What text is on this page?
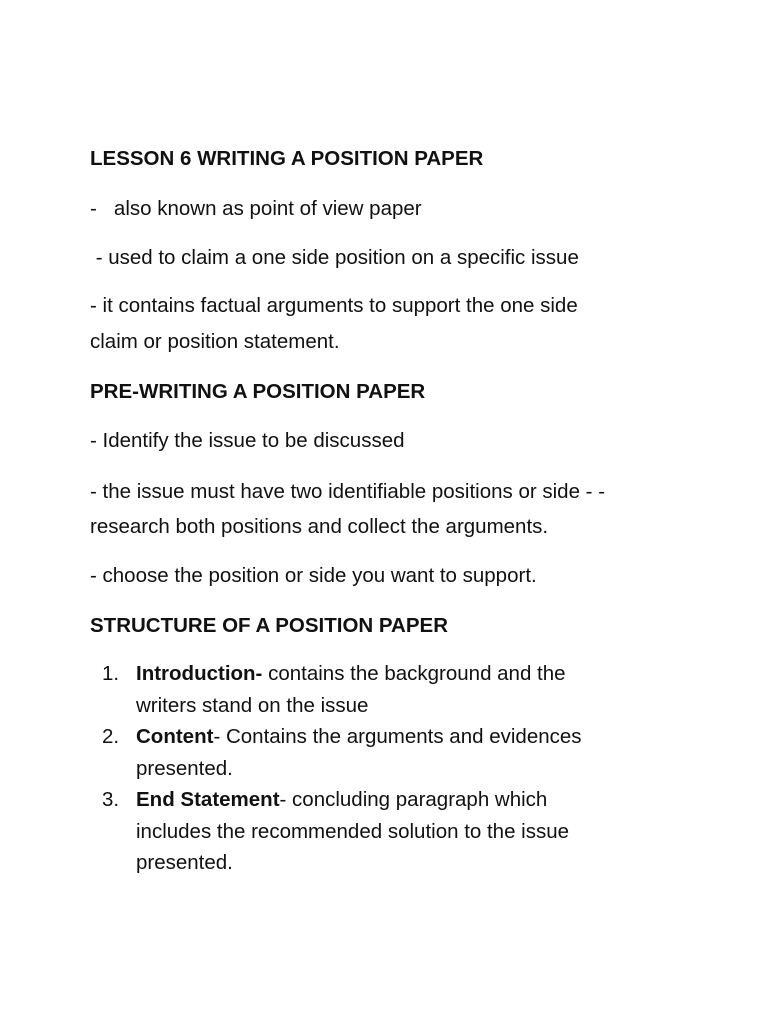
LESSON 6 WRITING A POSITION PAPER
-   also known as point of view paper
- used to claim a one side position on a specific issue
- it contains factual arguments to support the one side
claim or position statement.
PRE-WRITING A POSITION PAPER
- Identify the issue to be discussed
- the issue must have two identifiable positions or side - -
research both positions and collect the arguments.
- choose the position or side you want to support.
STRUCTURE OF A POSITION PAPER
1. Introduction- contains the background and the
writers stand on the issue
2. Content- Contains the arguments and evidences
presented.
3. End Statement- concluding paragraph which
includes the recommended solution to the issue
presented.
